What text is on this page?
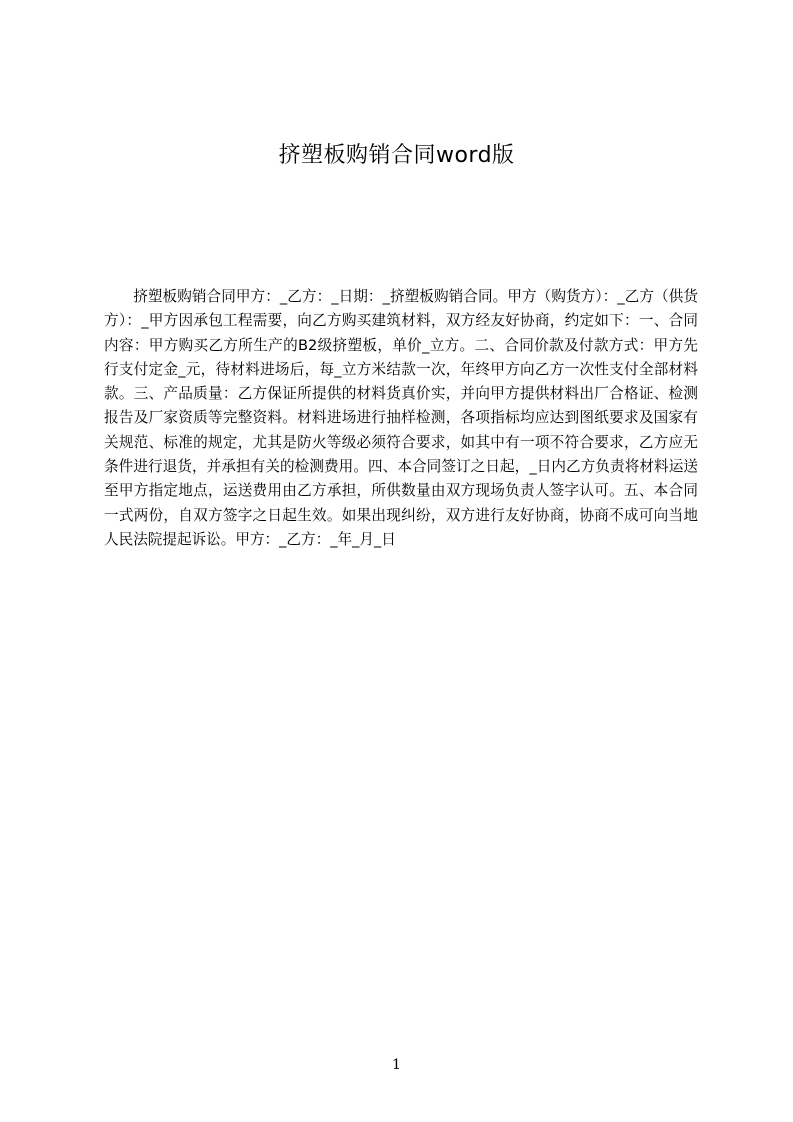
挤塑板购销合同word版

挤塑板购销合同甲方：_乙方：_日期：_挤塑板购销合同。甲方（购货方）：_乙方（供货方）：_甲方因承包工程需要，向乙方购买建筑材料，双方经友好协商，约定如下：一、合同内容：甲方购买乙方所生产的B2级挤塑板，单价_立方。二、合同价款及付款方式：甲方先行支付定金_元，待材料进场后，每_立方米结款一次，年终甲方向乙方一次性支付全部材料款。三、产品质量：乙方保证所提供的材料货真价实，并向甲方提供材料出厂合格证、检测报告及厂家资质等完整资料。材料进场进行抽样检测，各项指标均应达到图纸要求及国家有关规范、标准的规定，尤其是防火等级必须符合要求，如其中有一项不符合要求，乙方应无条件进行退货，并承担有关的检测费用。四、本合同签订之日起，_日内乙方负责将材料运送至甲方指定地点，运送费用由乙方承担，所供数量由双方现场负责人签字认可。五、本合同一式两份，自双方签字之日起生效。如果出现纠纷，双方进行友好协商，协商不成可向当地人民法院提起诉讼。甲方：_乙方：_年_月_日

1
